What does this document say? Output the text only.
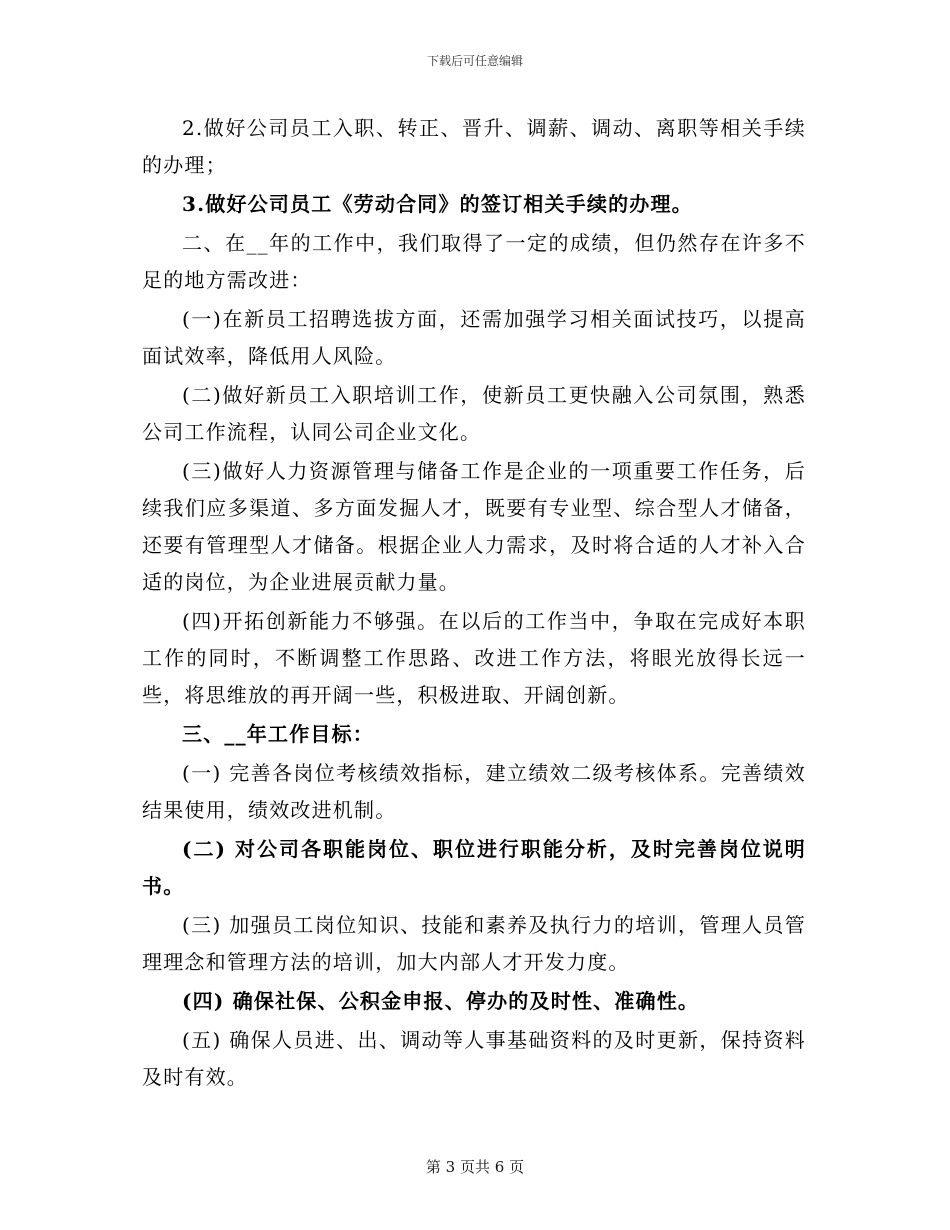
下载后可任意编辑

2.做好公司员工入职、转正、晋升、调薪、调动、离职等相关手续的办理；

3.做好公司员工《劳动合同》的签订相关手续的办理。

二、在__年的工作中，我们取得了一定的成绩，但仍然存在许多不足的地方需改进：

(一)在新员工招聘选拔方面，还需加强学习相关面试技巧，以提高面试效率，降低用人风险。

(二)做好新员工入职培训工作，使新员工更快融入公司氛围，熟悉公司工作流程，认同公司企业文化。

(三)做好人力资源管理与储备工作是企业的一项重要工作任务，后续我们应多渠道、多方面发掘人才，既要有专业型、综合型人才储备，还要有管理型人才储备。根据企业人力需求，及时将合适的人才补入合适的岗位，为企业进展贡献力量。

(四)开拓创新能力不够强。在以后的工作当中，争取在完成好本职工作的同时，不断调整工作思路、改进工作方法，将眼光放得长远一些，将思维放的再开阔一些，积极进取、开阔创新。

三、__年工作目标：

(一) 完善各岗位考核绩效指标，建立绩效二级考核体系。完善绩效结果使用，绩效改进机制。

(二) 对公司各职能岗位、职位进行职能分析，及时完善岗位说明书。

(三) 加强员工岗位知识、技能和素养及执行力的培训，管理人员管理理念和管理方法的培训，加大内部人才开发力度。

(四) 确保社保、公积金申报、停办的及时性、准确性。

(五) 确保人员进、出、调动等人事基础资料的及时更新，保持资料及时有效。

第 3 页共 6 页
